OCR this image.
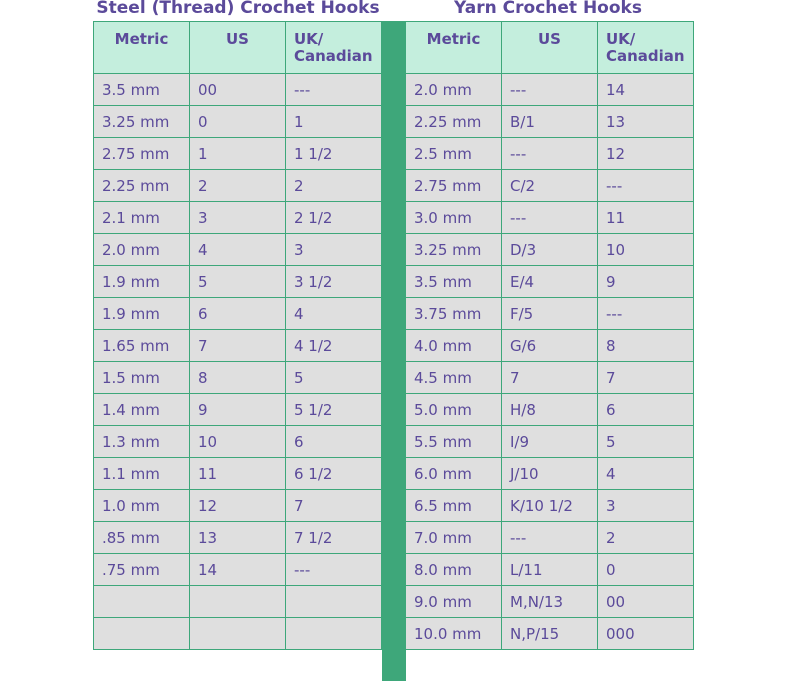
Steel (Thread) Crochet Hooks	Yarn Crochet Hooks
Metric	US	UK/
Canadian
3.5 mm	00	---
3.25 mm	0	1
2.75 mm	1	1 1/2
2.25 mm	2	2
2.1 mm	3	2 1/2
2.0 mm	4	3
1.9 mm	5	3 1/2
1.9 mm	6	4
1.65 mm	7	4 1/2
1.5 mm	8	5
1.4 mm	9	5 1/2
1.3 mm	10	6
1.1 mm	11	6 1/2
1.0 mm	12	7
.85 mm	13	7 1/2
.75 mm	14	---

Metric	US	UK/
Canadian
2.0 mm	---	14
2.25 mm	B/1	13
2.5 mm	---	12
2.75 mm	C/2	---
3.0 mm	---	11
3.25 mm	D/3	10
3.5 mm	E/4	9
3.75 mm	F/5	---
4.0 mm	G/6	8
4.5 mm	7	7
5.0 mm	H/8	6
5.5 mm	I/9	5
6.0 mm	J/10	4
6.5 mm	K/10 1/2	3
7.0 mm	---	2
8.0 mm	L/11	0
9.0 mm	M,N/13	00
10.0 mm	N,P/15	000
